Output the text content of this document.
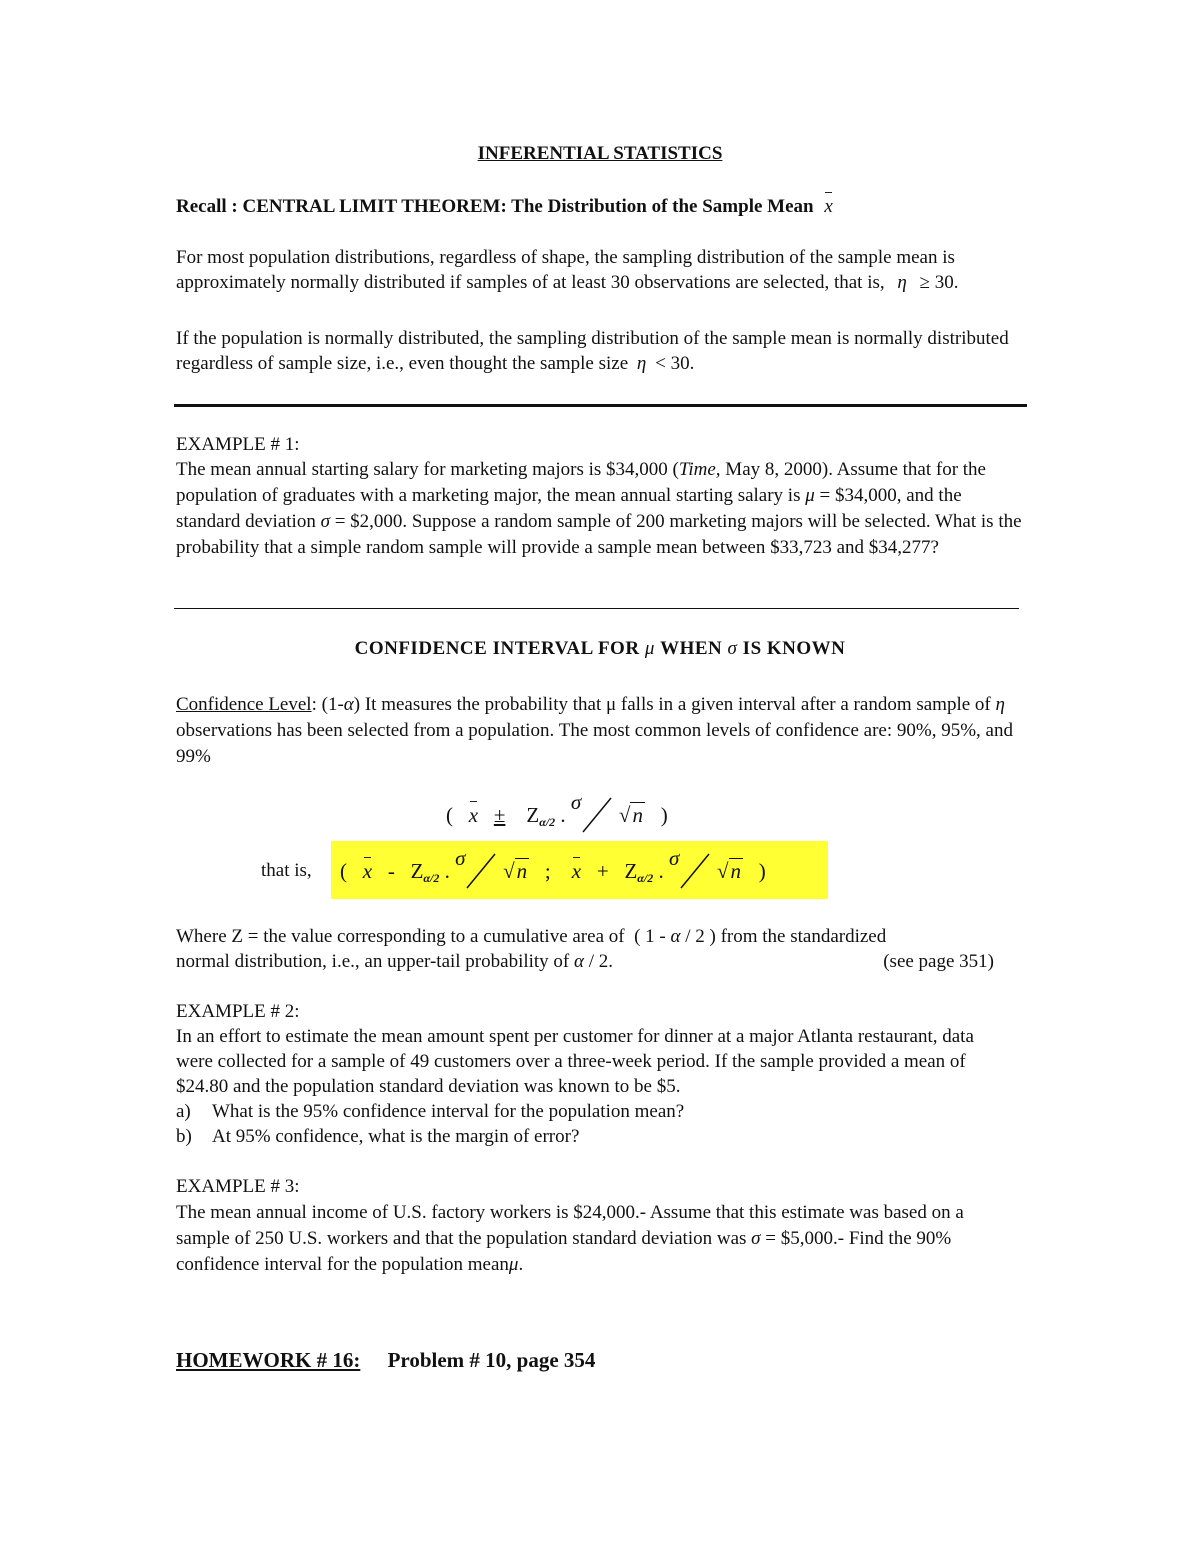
INFERENTIAL STATISTICS
Recall : CENTRAL LIMIT THEOREM: The Distribution of the Sample Mean x

For most population distributions, regardless of shape, the sampling distribution of the sample mean is approximately normally distributed if samples of at least 30 observations are selected, that is, η ≥ 30.

If the population is normally distributed, the sampling distribution of the sample mean is normally distributed regardless of sample size, i.e., even thought the sample size η < 30.

EXAMPLE # 1:

The mean annual starting salary for marketing majors is $34,000 (Time, May 8, 2000). Assume that for the population of graduates with a marketing major, the mean annual starting salary is μ = $34,000, and the standard deviation σ = $2,000. Suppose a random sample of 200 marketing majors will be selected. What is the probability that a simple random sample will provide a sample mean between $33,723 and $34,277?

CONFIDENCE INTERVAL FOR μ WHEN σ IS KNOWN

Confidence Level: (1-α) It measures the probability that μ falls in a given interval after a random sample of η observations has been selected from a population. The most common levels of confidence are: 90%, 95%, and 99%

( $x \pm Z_{\alpha/2}$ .
σ
√n )
that is, ( x - $Z_{\alpha/2}$ .
σ
√n ; $x + Z_{\alpha/2}$ .
σ
√n )

Where Z = the value corresponding to a cumulative area of ( 1 - α / 2 ) from the standardized

normal distribution, i.e., an upper-tail probability of α / 2.	(see page 351)

EXAMPLE # 2:

In an effort to estimate the mean amount spent per customer for dinner at a major Atlanta restaurant, data were collected for a sample of 49 customers over a three-week period. If the sample provided a mean of $24.80 and the population standard deviation was known to be $5.

a) What is the 95% confidence interval for the population mean?

b) At 95% confidence, what is the margin of error?

EXAMPLE # 3:

The mean annual income of U.S. factory workers is $24,000.- Assume that this estimate was based on a sample of 250 U.S. workers and that the population standard deviation was σ = $5,000.- Find the 90% confidence interval for the population meanμ.

HOMEWORK # 16: Problem # 10, page 354
